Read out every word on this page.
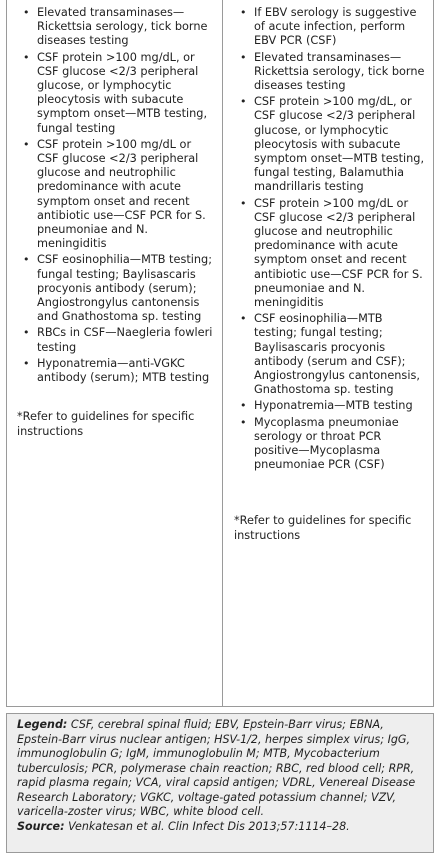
• Elevated transaminases—Rickettsia serology, tick borne diseases testing
• CSF protein >100 mg/dL, or CSF glucose <2/3 peripheral glucose, or lymphocytic pleocytosis with subacute symptom onset—MTB testing, fungal testing
• CSF protein >100 mg/dL or CSF glucose <2/3 peripheral glucose and neutrophilic predominance with acute symptom onset and recent antibiotic use—CSF PCR for S. pneumoniae and N. meningiditis
• CSF eosinophilia—MTB testing; fungal testing; Baylisascaris procyonis antibody (serum); Angiostrongylus cantonensis and Gnathostoma sp. testing
• RBCs in CSF—Naegleria fowleri testing
• Hyponatremia—anti-VGKC antibody (serum); MTB testing
*Refer to guidelines for specific instructions
• If EBV serology is suggestive of acute infection, perform EBV PCR (CSF)
• Elevated transaminases—Rickettsia serology, tick borne diseases testing
• CSF protein >100 mg/dL, or CSF glucose <2/3 peripheral glucose, or lymphocytic pleocytosis with subacute symptom onset—MTB testing, fungal testing, Balamuthia mandrillaris testing
• CSF protein >100 mg/dL or CSF glucose <2/3 peripheral glucose and neutrophilic predominance with acute symptom onset and recent antibiotic use—CSF PCR for S. pneumoniae and N. meningiditis
• CSF eosinophilia—MTB testing; fungal testing; Baylisascaris procyonis antibody (serum and CSF); Angiostrongylus cantonensis, Gnathostoma sp. testing
• Hyponatremia—MTB testing
• Mycoplasma pneumoniae serology or throat PCR positive—Mycoplasma pneumoniae PCR (CSF)
*Refer to guidelines for specific instructions
Legend: CSF, cerebral spinal fluid; EBV, Epstein-Barr virus; EBNA, Epstein-Barr virus nuclear antigen; HSV-1/2, herpes simplex virus; IgG, immunoglobulin G; IgM, immunoglobulin M; MTB, Mycobacterium tuberculosis; PCR, polymerase chain reaction; RBC, red blood cell; RPR, rapid plasma regain; VCA, viral capsid antigen; VDRL, Venereal Disease Research Laboratory; VGKC, voltage-gated potassium channel; VZV, varicella-zoster virus; WBC, white blood cell.
Source: Venkatesan et al. Clin Infect Dis 2013;57:1114–28.
